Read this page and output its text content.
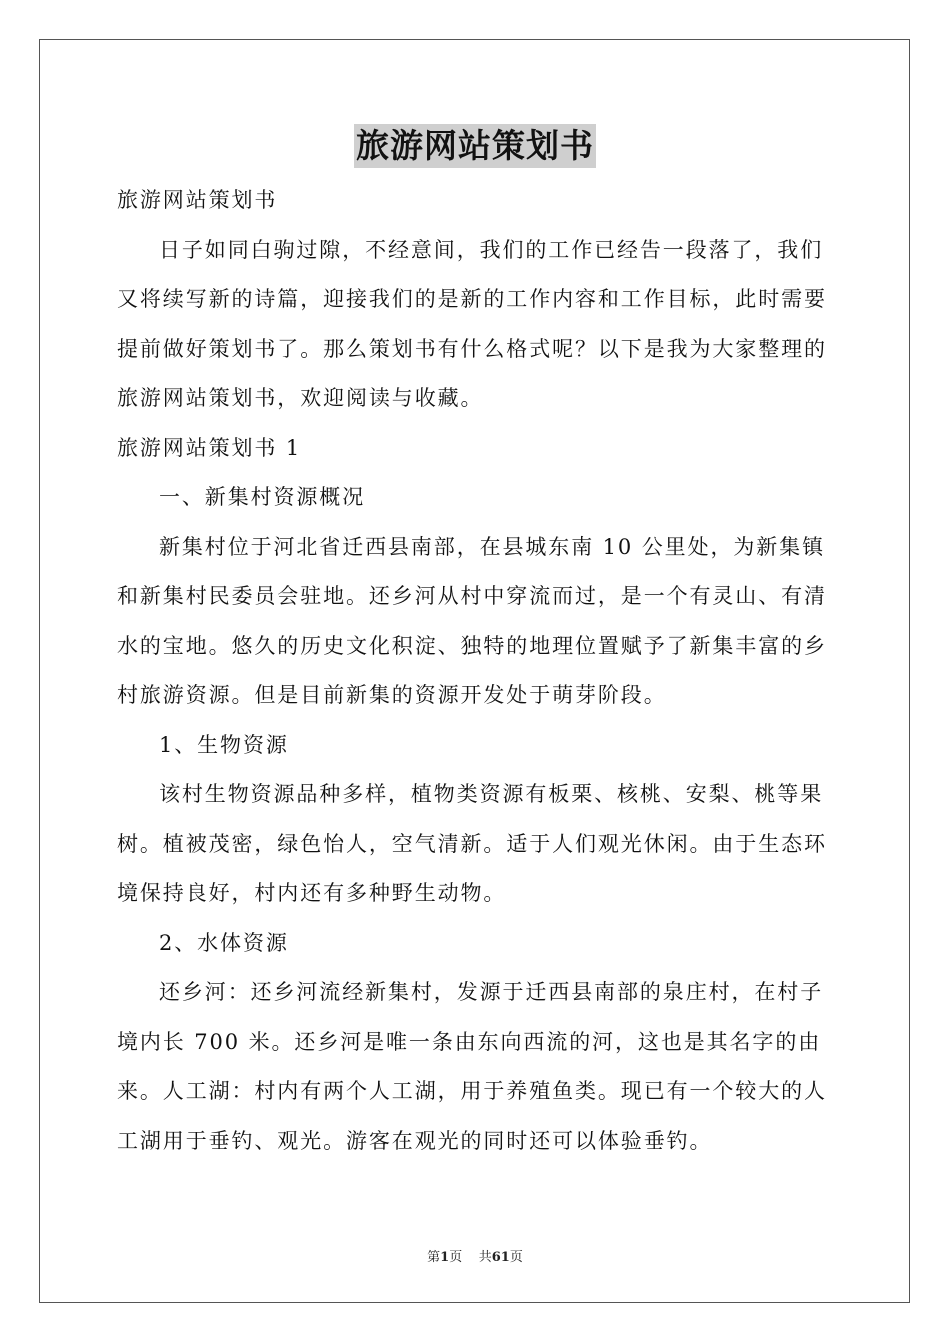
旅游网站策划书

旅游网站策划书

日子如同白驹过隙，不经意间，我们的工作已经告一段落了，我们又将续写新的诗篇，迎接我们的是新的工作内容和工作目标，此时需要提前做好策划书了。那么策划书有什么格式呢？以下是我为大家整理的旅游网站策划书，欢迎阅读与收藏。

旅游网站策划书 1

一、新集村资源概况

新集村位于河北省迁西县南部，在县城东南 10 公里处，为新集镇和新集村民委员会驻地。还乡河从村中穿流而过，是一个有灵山、有清水的宝地。悠久的历史文化积淀、独特的地理位置赋予了新集丰富的乡村旅游资源。但是目前新集的资源开发处于萌芽阶段。

1、生物资源

该村生物资源品种多样，植物类资源有板栗、核桃、安梨、桃等果树。植被茂密，绿色怡人，空气清新。适于人们观光休闲。由于生态环境保持良好，村内还有多种野生动物。

2、水体资源

还乡河：还乡河流经新集村，发源于迁西县南部的泉庄村，在村子境内长 700 米。还乡河是唯一条由东向西流的河，这也是其名字的由来。人工湖：村内有两个人工湖，用于养殖鱼类。现已有一个较大的人工湖用于垂钓、观光。游客在观光的同时还可以体验垂钓。

第1页 共61页
